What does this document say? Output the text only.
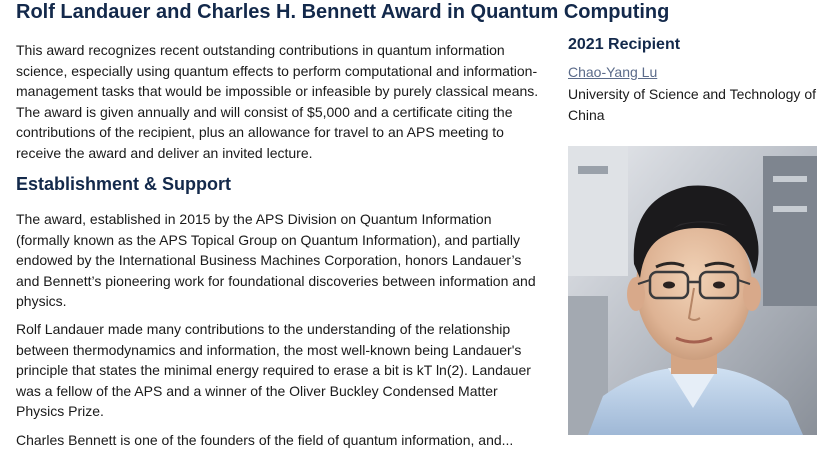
Rolf Landauer and Charles H. Bennett Award in Quantum Computing

This award recognizes recent outstanding contributions in quantum information science, especially using quantum effects to perform computational and information-management tasks that would be impossible or infeasible by purely classical means. The award is given annually and will consist of $5,000 and a certificate citing the contributions of the recipient, plus an allowance for travel to an APS meeting to receive the award and deliver an invited lecture.

Establishment & Support

The award, established in 2015 by the APS Division on Quantum Information (formally known as the APS Topical Group on Quantum Information), and partially endowed by the International Business Machines Corporation, honors Landauer’s and Bennett’s pioneering work for foundational discoveries between information and physics.

Rolf Landauer made many contributions to the understanding of the relationship between thermodynamics and information, the most well-known being Landauer's principle that states the minimal energy required to erase a bit is kT ln(2). Landauer was a fellow of the APS and a winner of the Oliver Buckley Condensed Matter Physics Prize.

Charles Bennett is one of the founders of the field of quantum information, and...

2021 Recipient
Chao-Yang Lu

University of Science and Technology of China
